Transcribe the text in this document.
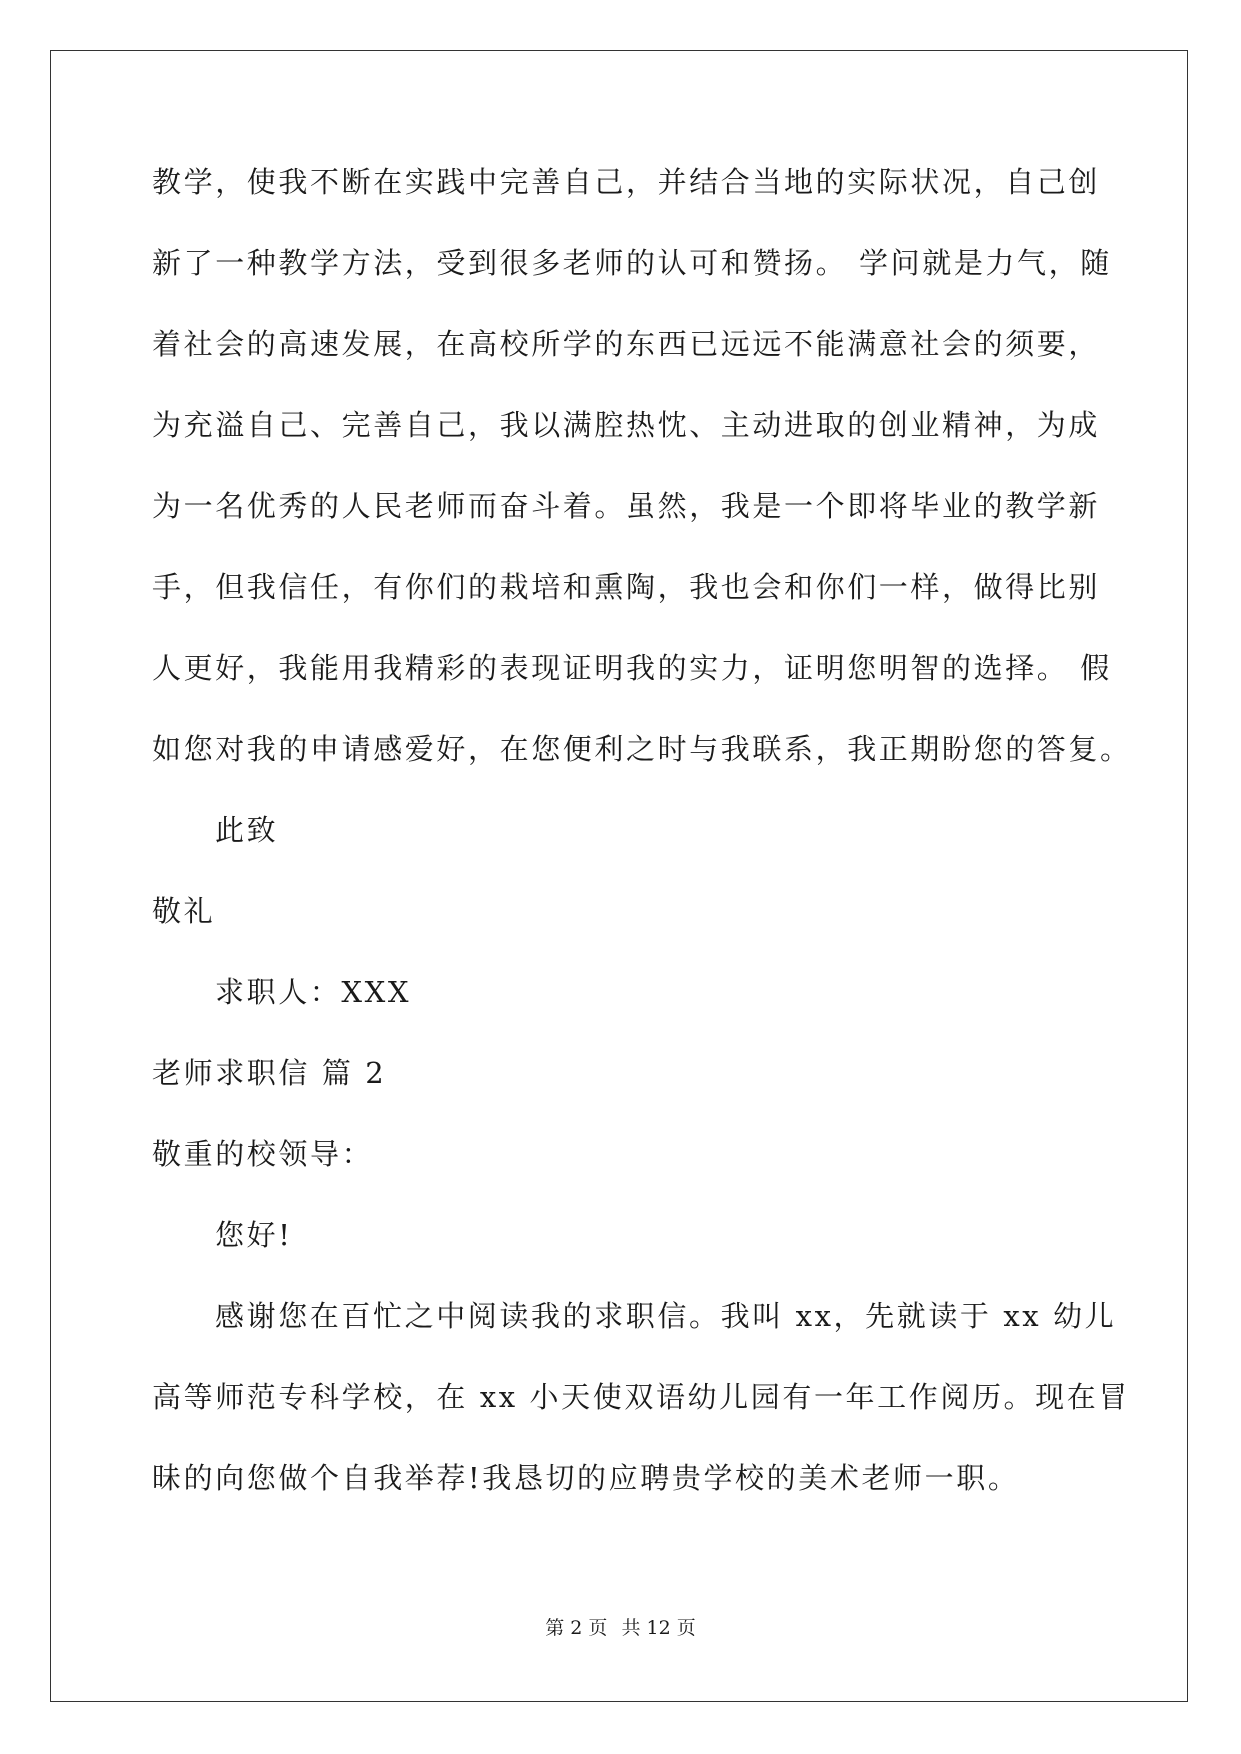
教学，使我不断在实践中完善自己，并结合当地的实际状况，自己创
新了一种教学方法，受到很多老师的认可和赞扬。 学问就是力气，随
着社会的高速发展，在高校所学的东西已远远不能满意社会的须要，
为充溢自己、完善自己，我以满腔热忱、主动进取的创业精神，为成
为一名优秀的人民老师而奋斗着。虽然，我是一个即将毕业的教学新
手，但我信任，有你们的栽培和熏陶，我也会和你们一样，做得比别
人更好，我能用我精彩的表现证明我的实力，证明您明智的选择。 假
如您对我的申请感爱好，在您便利之时与我联系，我正期盼您的答复。
此致
敬礼
求职人：XXX
老师求职信 篇 2
敬重的校领导：
您好!
感谢您在百忙之中阅读我的求职信。我叫 xx，先就读于 xx 幼儿
高等师范专科学校，在 xx 小天使双语幼儿园有一年工作阅历。现在冒
昧的向您做个自我举荐!我恳切的应聘贵学校的美术老师一职。
第 2 页 共 12 页
